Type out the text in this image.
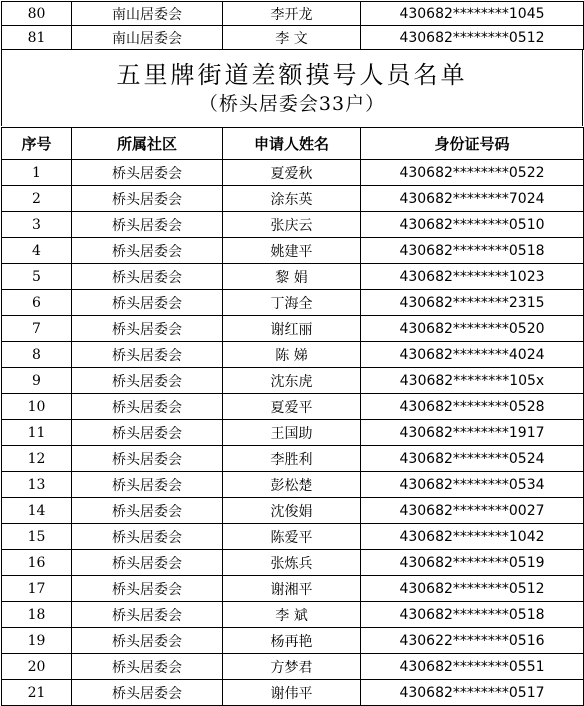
80	南山居委会	李开龙	430682********1045
81	南山居委会	李 文	430682********0512
五里牌街道差额摸号人员名单
（桥头居委会33户）
序号	所属社区	申请人姓名	身份证号码
1	桥头居委会	夏爱秋	430682********0522
2	桥头居委会	涂东英	430682********7024
3	桥头居委会	张庆云	430682********0510
4	桥头居委会	姚建平	430682********0518
5	桥头居委会	黎 娟	430682********1023
6	桥头居委会	丁海全	430682********2315
7	桥头居委会	谢红丽	430682********0520
8	桥头居委会	陈 娣	430682********4024
9	桥头居委会	沈东虎	430682********105x
10	桥头居委会	夏爱平	430682********0528
11	桥头居委会	王国助	430682********1917
12	桥头居委会	李胜利	430682********0524
13	桥头居委会	彭松楚	430682********0534
14	桥头居委会	沈俊娟	430682********0027
15	桥头居委会	陈爱平	430682********1042
16	桥头居委会	张炼兵	430682********0519
17	桥头居委会	谢湘平	430682********0512
18	桥头居委会	李 斌	430682********0518
19	桥头居委会	杨再艳	430622********0516
20	桥头居委会	方梦君	430682********0551
21	桥头居委会	谢伟平	430682********0517
